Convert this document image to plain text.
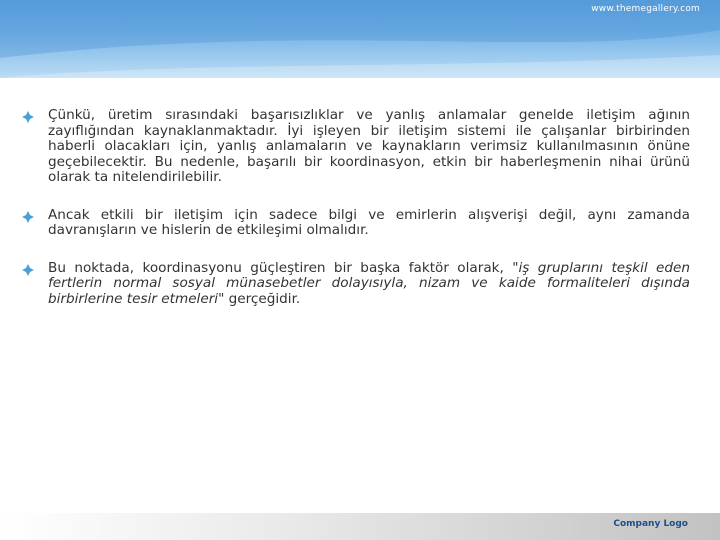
www.themegallery.com
Çünkü, üretim sırasındaki başarısızlıklar ve yanlış anlamalar genelde iletişim ağının zayıflığından kaynaklanmaktadır. İyi işleyen bir iletişim sistemi ile çalışanlar birbirinden haberli olacakları için, yanlış anlamaların ve kaynakların verimsiz kullanılmasının önüne geçebilecektir. Bu nedenle, başarılı bir koordinasyon, etkin bir haberleşmenin nihai ürünü olarak ta nitelendirilebilir.
Ancak etkili bir iletişim için sadece bilgi ve emirlerin alışverişi değil, aynı zamanda davranışların ve hislerin de etkileşimi olmalıdır.
Bu noktada, koordinasyonu güçleştiren bir başka faktör olarak, "iş gruplarını teşkil eden fertlerin normal sosyal münasebetler dolayısıyla, nizam ve kaide formaliteleri dışında birbirlerine tesir etmeleri" gerçeğidir.
Company Logo
